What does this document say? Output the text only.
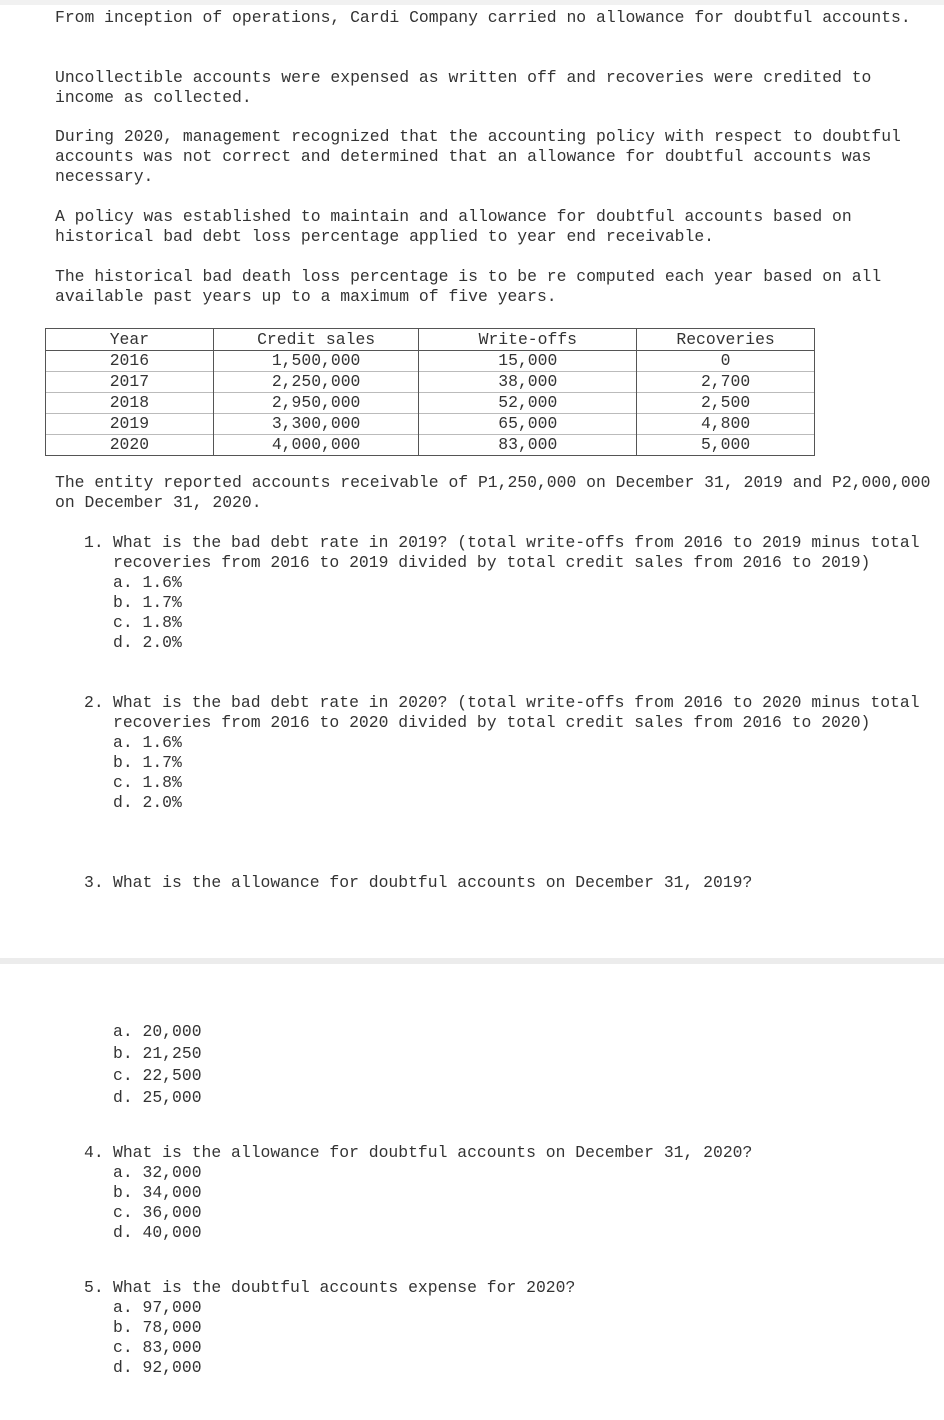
From inception of operations, Cardi Company carried no allowance for doubtful accounts.

Uncollectible accounts were expensed as written off and recoveries were credited to income as collected.

During 2020, management recognized that the accounting policy with respect to doubtful accounts was not correct and determined that an allowance for doubtful accounts was necessary.

A policy was established to maintain and allowance for doubtful accounts based on historical bad debt loss percentage applied to year end receivable.

The historical bad death loss percentage is to be re computed each year based on all available past years up to a maximum of five years.

Year	Credit sales	Write-offs	Recoveries
2016	1,500,000	15,000	0
2017	2,250,000	38,000	2,700
2018	2,950,000	52,000	2,500
2019	3,300,000	65,000	4,800
2020	4,000,000	83,000	5,000

The entity reported accounts receivable of P1,250,000 on December 31, 2019 and P2,000,000 on December 31, 2020.

1. What is the bad debt rate in 2019? (total write-offs from 2016 to 2019 minus total recoveries from 2016 to 2019 divided by total credit sales from 2016 to 2019)
a. 1.6%
b. 1.7%
c. 1.8%
d. 2.0%
2. What is the bad debt rate in 2020? (total write-offs from 2016 to 2020 minus total recoveries from 2016 to 2020 divided by total credit sales from 2016 to 2020)
a. 1.6%
b. 1.7%
c. 1.8%
d. 2.0%
3. What is the allowance for doubtful accounts on December 31, 2019?
a. 20,000
b. 21,250
c. 22,500
d. 25,000
4. What is the allowance for doubtful accounts on December 31, 2020?
a. 32,000
b. 34,000
c. 36,000
d. 40,000
5. What is the doubtful accounts expense for 2020?
a. 97,000
b. 78,000
c. 83,000
d. 92,000
